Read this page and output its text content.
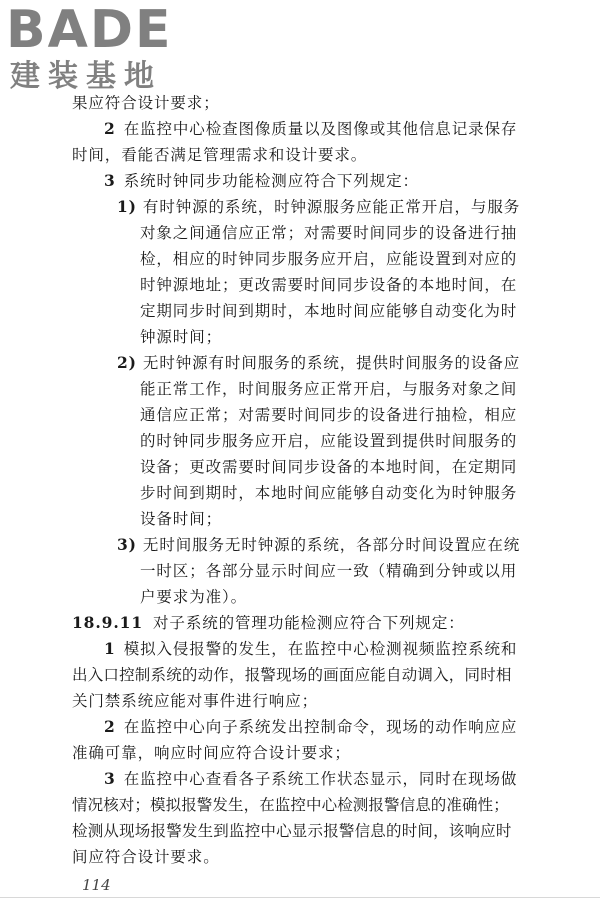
BADE
建装基地
果应符合设计要求；
2 在监控中心检查图像质量以及图像或其他信息记录保存
时间，看能否满足管理需求和设计要求。
3 系统时钟同步功能检测应符合下列规定：
1) 有时钟源的系统，时钟源服务应能正常开启，与服务
对象之间通信应正常；对需要时间同步的设备进行抽
检，相应的时钟同步服务应开启，应能设置到对应的
时钟源地址；更改需要时间同步设备的本地时间，在
定期同步时间到期时，本地时间应能够自动变化为时
钟源时间；
2) 无时钟源有时间服务的系统，提供时间服务的设备应
能正常工作，时间服务应正常开启，与服务对象之间
通信应正常；对需要时间同步的设备进行抽检，相应
的时钟同步服务应开启，应能设置到提供时间服务的
设备；更改需要时间同步设备的本地时间，在定期同
步时间到期时，本地时间应能够自动变化为时钟服务
设备时间；
3) 无时间服务无时钟源的系统，各部分时间设置应在统
一时区；各部分显示时间应一致（精确到分钟或以用
户要求为准）。
18.9.11 对子系统的管理功能检测应符合下列规定：
1 模拟入侵报警的发生，在监控中心检测视频监控系统和
出入口控制系统的动作，报警现场的画面应能自动调入，同时相
关门禁系统应能对事件进行响应；
2 在监控中心向子系统发出控制命令，现场的动作响应应
准确可靠，响应时间应符合设计要求；
3 在监控中心查看各子系统工作状态显示，同时在现场做
情况核对；模拟报警发生，在监控中心检测报警信息的准确性；
检测从现场报警发生到监控中心显示报警信息的时间，该响应时
间应符合设计要求。
114
